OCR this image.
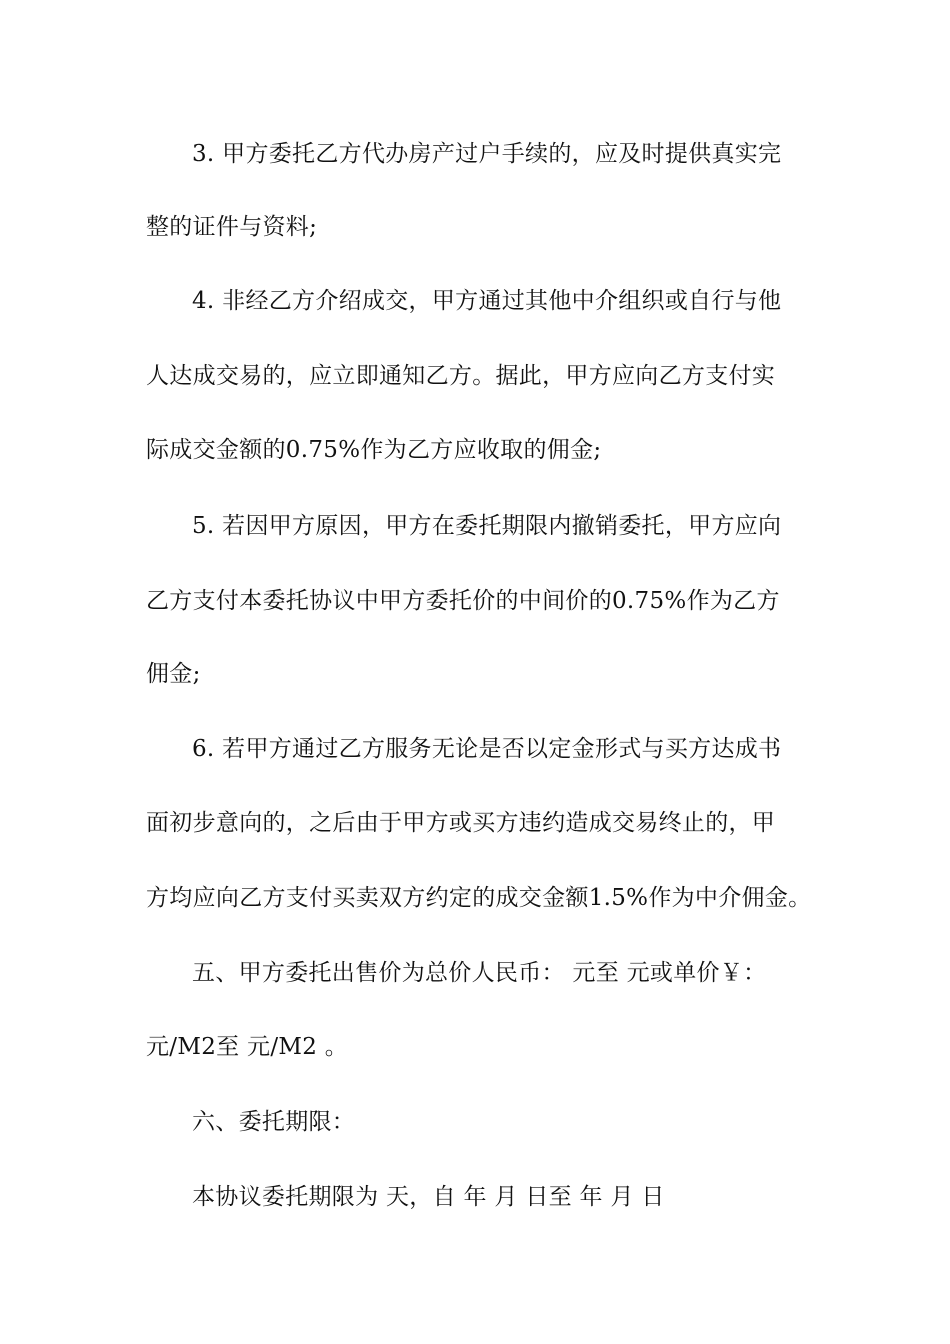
3. 甲方委托乙方代办房产过户手续的，应及时提供真实完
整的证件与资料;
4. 非经乙方介绍成交，甲方通过其他中介组织或自行与他
人达成交易的，应立即通知乙方。据此，甲方应向乙方支付实
际成交金额的0.75%作为乙方应收取的佣金;
5. 若因甲方原因，甲方在委托期限内撤销委托，甲方应向
乙方支付本委托协议中甲方委托价的中间价的0.75%作为乙方
佣金;
6. 若甲方通过乙方服务无论是否以定金形式与买方达成书
面初步意向的，之后由于甲方或买方违约造成交易终止的，甲
方均应向乙方支付买卖双方约定的成交金额1.5%作为中介佣金。
五、甲方委托出售价为总价人民币： 元至 元或单价￥：
元/M2至 元/M2 。
六、委托期限：
本协议委托期限为 天，自 年 月 日至 年 月 日
